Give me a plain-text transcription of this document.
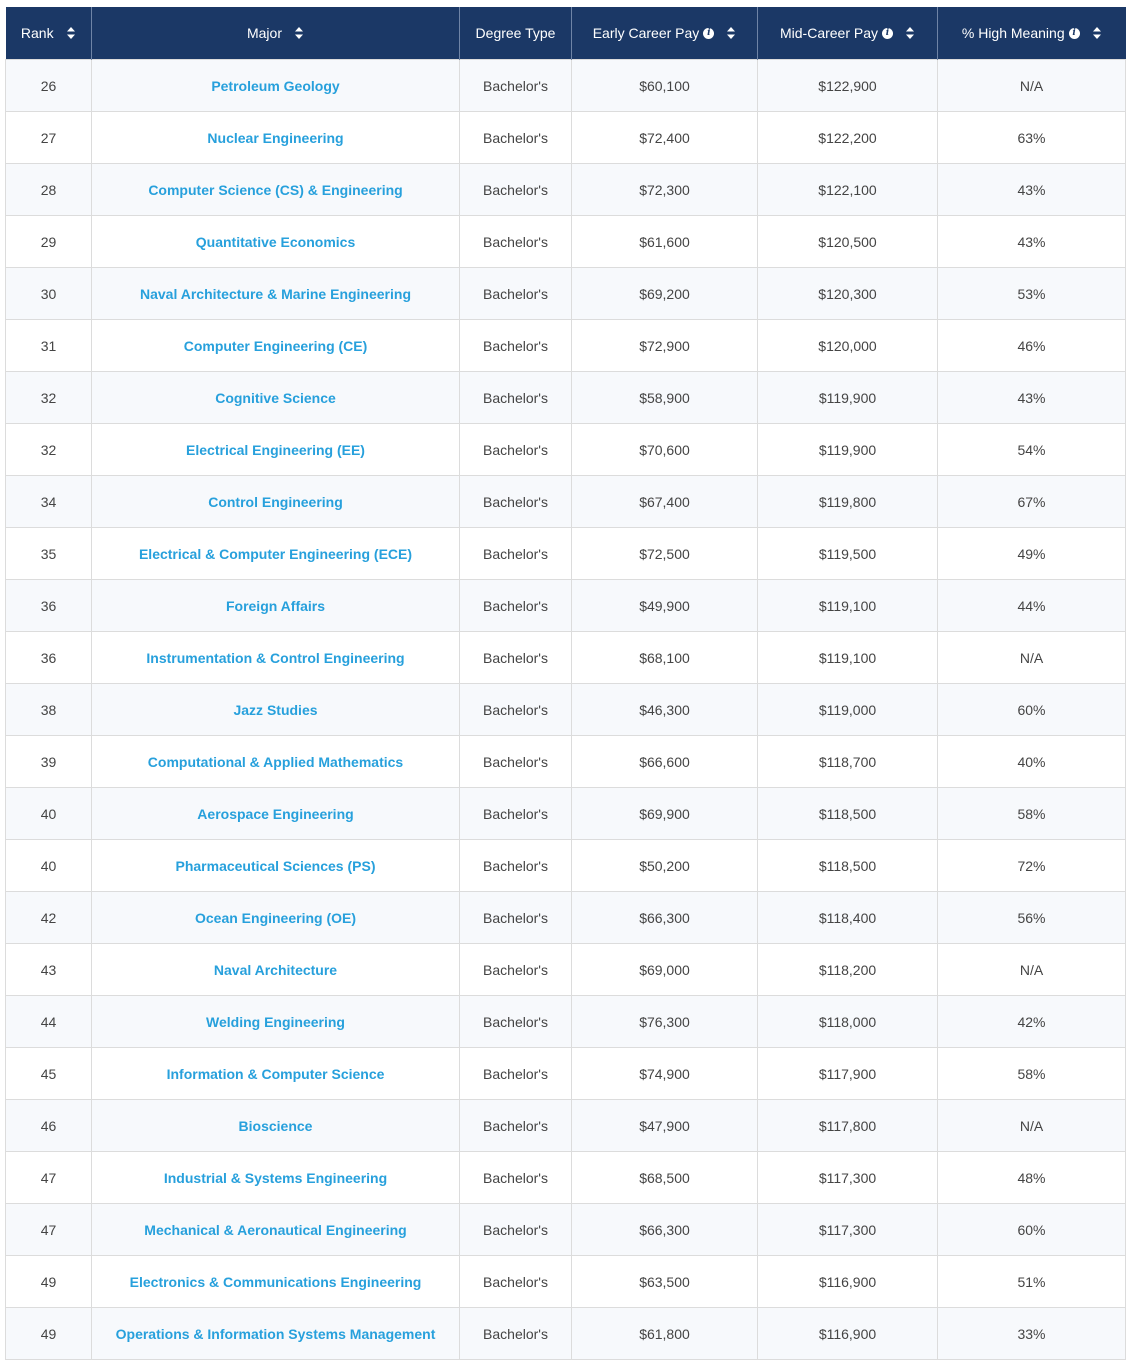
Rank	Major	Degree Type	Early Career Pay i	Mid-Career Pay i	% High Meaning i

26	Petroleum Geology	Bachelor's	$60,100	$122,900	N/A
27	Nuclear Engineering	Bachelor's	$72,400	$122,200	63%
28	Computer Science (CS) & Engineering	Bachelor's	$72,300	$122,100	43%
29	Quantitative Economics	Bachelor's	$61,600	$120,500	43%
30	Naval Architecture & Marine Engineering	Bachelor's	$69,200	$120,300	53%
31	Computer Engineering (CE)	Bachelor's	$72,900	$120,000	46%
32	Cognitive Science	Bachelor's	$58,900	$119,900	43%
32	Electrical Engineering (EE)	Bachelor's	$70,600	$119,900	54%
34	Control Engineering	Bachelor's	$67,400	$119,800	67%
35	Electrical & Computer Engineering (ECE)	Bachelor's	$72,500	$119,500	49%
36	Foreign Affairs	Bachelor's	$49,900	$119,100	44%
36	Instrumentation & Control Engineering	Bachelor's	$68,100	$119,100	N/A
38	Jazz Studies	Bachelor's	$46,300	$119,000	60%
39	Computational & Applied Mathematics	Bachelor's	$66,600	$118,700	40%
40	Aerospace Engineering	Bachelor's	$69,900	$118,500	58%
40	Pharmaceutical Sciences (PS)	Bachelor's	$50,200	$118,500	72%
42	Ocean Engineering (OE)	Bachelor's	$66,300	$118,400	56%
43	Naval Architecture	Bachelor's	$69,000	$118,200	N/A
44	Welding Engineering	Bachelor's	$76,300	$118,000	42%
45	Information & Computer Science	Bachelor's	$74,900	$117,900	58%
46	Bioscience	Bachelor's	$47,900	$117,800	N/A
47	Industrial & Systems Engineering	Bachelor's	$68,500	$117,300	48%
47	Mechanical & Aeronautical Engineering	Bachelor's	$66,300	$117,300	60%
49	Electronics & Communications Engineering	Bachelor's	$63,500	$116,900	51%
49	Operations & Information Systems Management	Bachelor's	$61,800	$116,900	33%
